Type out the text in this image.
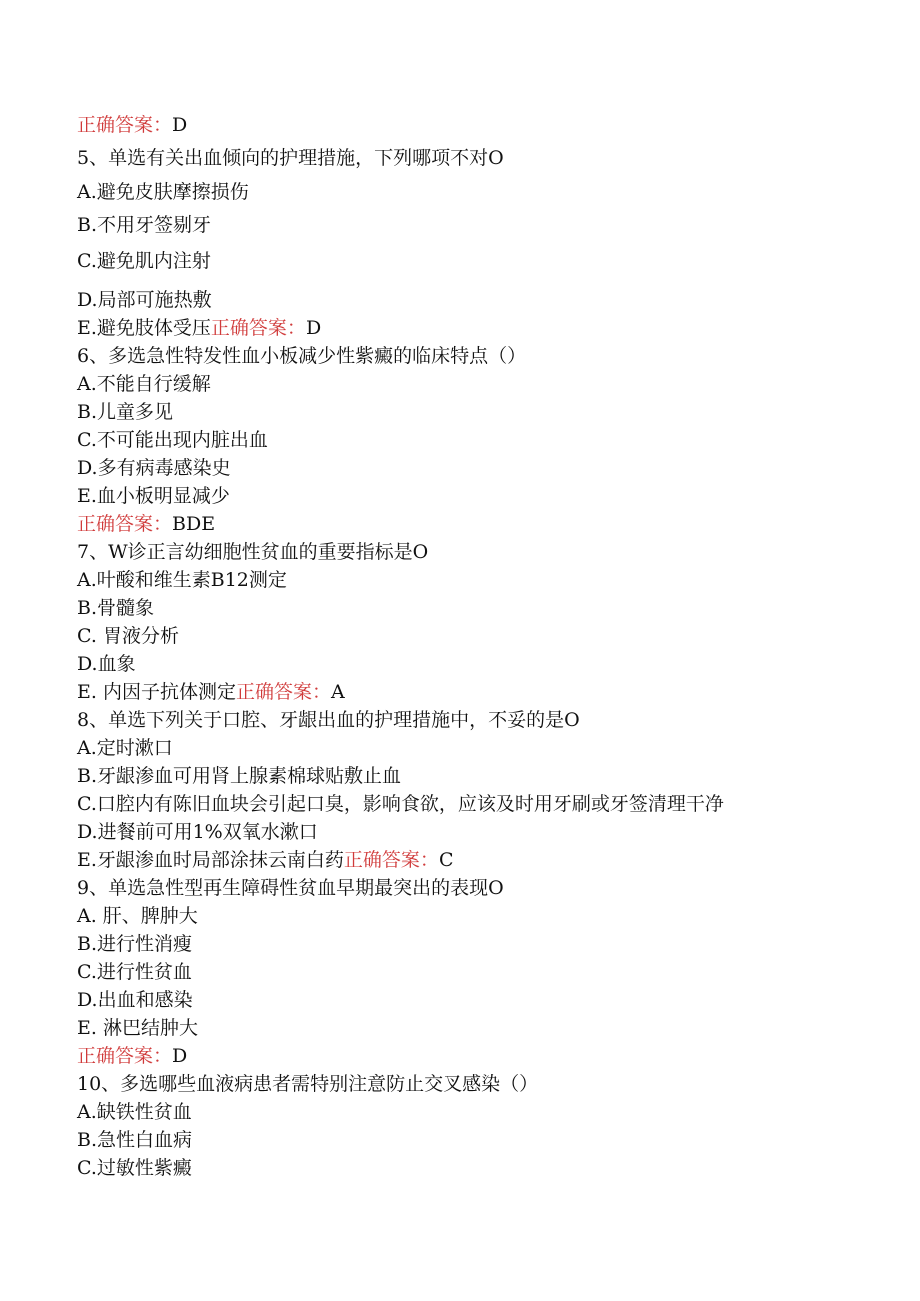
正确答案：D
5、单选有关出血倾向的护理措施，下列哪项不对O
A.避免皮肤摩擦损伤
B.不用牙签剔牙
C.避免肌内注射
D.局部可施热敷
E.避免肢体受压正确答案：D
6、多选急性特发性血小板减少性紫癜的临床特点（）
A.不能自行缓解
B.儿童多见
C.不可能出现内脏出血
D.多有病毒感染史
E.血小板明显减少
正确答案：BDE
7、W诊正言幼细胞性贫血的重要指标是O
A.叶酸和维生素B12测定
B.骨髓象
C. 胃液分析
D.血象
E. 内因子抗体测定正确答案：A
8、单选下列关于口腔、牙龈出血的护理措施中，不妥的是O
A.定时漱口
B.牙龈渗血可用肾上腺素棉球贴敷止血
C.口腔内有陈旧血块会引起口臭，影响食欲，应该及时用牙刷或牙签清理干净
D.进餐前可用1%双氧水漱口
E.牙龈渗血时局部涂抹云南白药正确答案：C
9、单选急性型再生障碍性贫血早期最突出的表现O
A. 肝、脾肿大
B.进行性消瘦
C.进行性贫血
D.出血和感染
E. 淋巴结肿大
正确答案：D
10、多选哪些血液病患者需特别注意防止交叉感染（）
A.缺铁性贫血
B.急性白血病
C.过敏性紫癜
